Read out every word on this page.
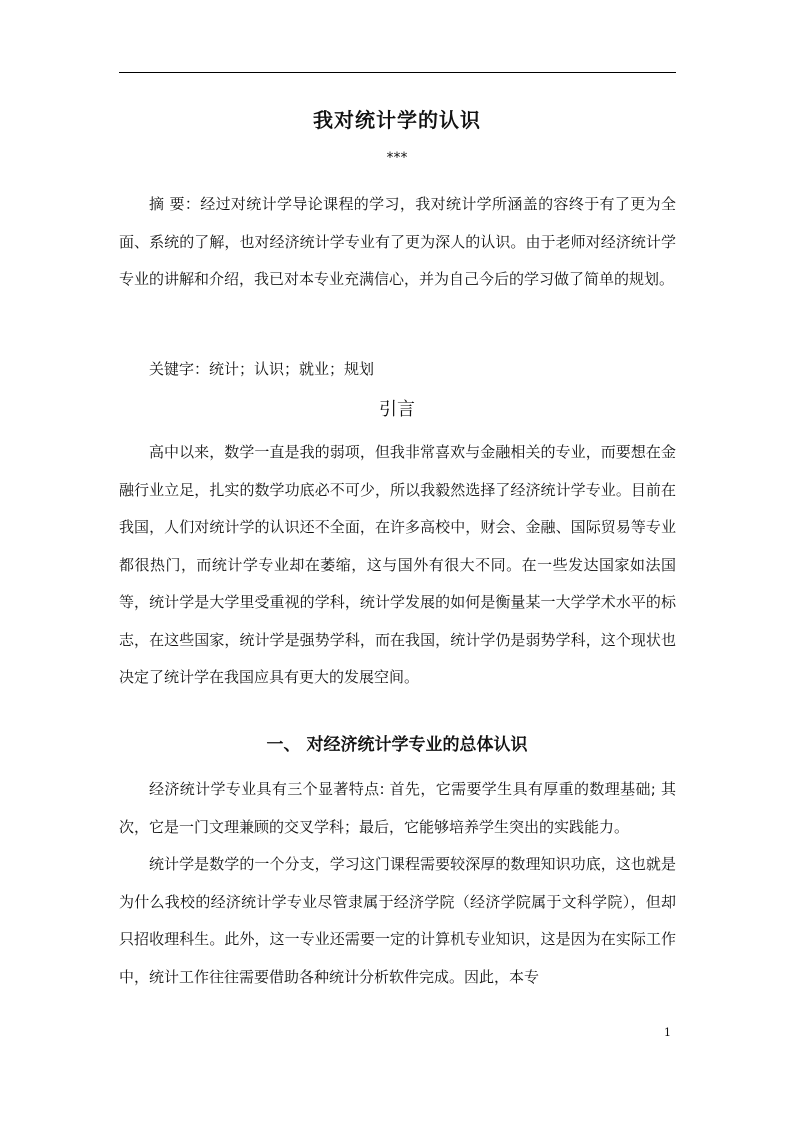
我对统计学的认识
***

摘 要：经过对统计学导论课程的学习，我对统计学所涵盖的容终于有了更为全面、系统的了解，也对经济统计学专业有了更为深人的认识。由于老师对经济统计学专业的讲解和介绍，我已对本专业充满信心，并为自己今后的学习做了简单的规划。

关键字：统计；认识；就业；规划

引言

高中以来，数学一直是我的弱项，但我非常喜欢与金融相关的专业，而要想在金融行业立足，扎实的数学功底必不可少，所以我毅然选择了经济统计学专业。目前在我国，人们对统计学的认识还不全面，在许多高校中，财会、金融、国际贸易等专业都很热门，而统计学专业却在萎缩，这与国外有很大不同。在一些发达国家如法国等，统计学是大学里受重视的学科，统计学发展的如何是衡量某一大学学术水平的标志，在这些国家，统计学是强势学科，而在我国，统计学仍是弱势学科，这个现状也决定了统计学在我国应具有更大的发展空间。

一、 对经济统计学专业的总体认识

经济统计学专业具有三个显著特点: 首先，它需要学生具有厚重的数理基础; 其次，它是一门文理兼顾的交叉学科；最后，它能够培养学生突出的实践能力。

统计学是数学的一个分支，学习这门课程需要较深厚的数理知识功底，这也就是为什么我校的经济统计学专业尽管隶属于经济学院（经济学院属于文科学院），但却只招收理科生。此外，这一专业还需要一定的计算机专业知识，这是因为在实际工作中，统计工作往往需要借助各种统计分析软件完成。因此，本专

1
